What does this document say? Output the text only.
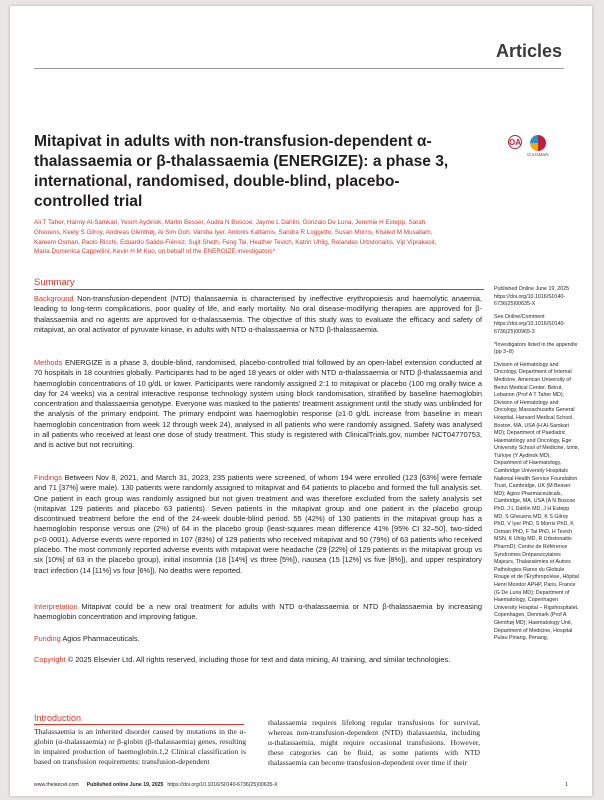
Articles
Mitapivat in adults with non-transfusion-dependent α-thalassaemia or β-thalassaemia (ENERGIZE): a phase 3, international, randomised, double-blind, placebo-controlled trial
OA
CrossMark

Ali T Taher, Hanny Al-Samkari, Yesim Aydinok, Martin Besser, Audra N Boscoe, Jayme L Dahlin, Gonzalo De Luna, Jeremie H Estepp, Sarah Gheuens, Keely S Gilroy, Andreas Glenthøj, Ai Sim Goh, Varsha Iyer, Antonis Kattamis, Sandra R Loggetto, Susan Morris, Khaled M Musallam, Kareem Osman, Paolo Ricchi, Eduardo Salido-Fiérrez, Sujit Sheth, Feng Tai, Heather Tevich, Katrin Uhlig, Rolandas Urbstonaitis, Vip Viprakasit, Maria Domenica Cappellini, Kevin H M Kuo, on behalf of the ENERGIZE investigators*

Summary

Background Non-transfusion-dependent (NTD) thalassaemia is characterised by ineffective erythropoiesis and haemolytic anaemia, leading to long-term complications, poor quality of life, and early mortality. No oral disease-modifying therapies are approved for β-thalassaemia and no agents are approved for α-thalassaemia. The objective of this study was to evaluate the efficacy and safety of mitapivat, an oral activator of pyruvate kinase, in adults with NTD α-thalassaemia or NTD β-thalassaemia.

Methods ENERGIZE is a phase 3, double-blind, randomised, placebo-controlled trial followed by an open-label extension conducted at 70 hospitals in 18 countries globally. Participants had to be aged 18 years or older with NTD α-thalassaemia or NTD β-thalassaemia and haemoglobin concentrations of 10 g/dL or lower. Participants were randomly assigned 2:1 to mitapivat or placebo (100 mg orally twice a day for 24 weeks) via a central interactive response technology system using block randomisation, stratified by baseline haemoglobin concentration and thalassaemia genotype. Everyone was masked to the patients' treatment assignment until the study was unblinded for the analysis of the primary endpoint. The primary endpoint was haemoglobin response (≥1·0 g/dL increase from baseline in mean haemoglobin concentration from week 12 through week 24), analysed in all patients who were randomly assigned. Safety was analysed in all patients who received at least one dose of study treatment. This study is registered with ClinicalTrials.gov, number NCT04770753, and is active but not recruiting.

Findings Between Nov 8, 2021, and March 31, 2023, 235 patients were screened, of whom 194 were enrolled (123 [63%] were female and 71 [37%] were male). 130 patients were randomly assigned to mitapivat and 64 patients to placebo and formed the full analysis set. One patient in each group was randomly assigned but not given treatment and was therefore excluded from the safety analysis set (mitapivat 129 patients and placebo 63 patients). Seven patients in the mitapivat group and one patient in the placebo group discontinued treatment before the end of the 24-week double-blind period. 55 (42%) of 130 patients in the mitapivat group has a haemoglobin response versus one (2%) of 64 in the placebo group (least-squares mean difference 41% [95% CI 32–50], two-sided p<0·0001). Adverse events were reported in 107 (83%) of 129 patients who received mitapivat and 50 (79%) of 63 patients who received placebo. The most commonly reported adverse events with mitapivat were headache (29 [22%] of 129 patients in the mitapivat group vs six [10%] of 63 in the placebo group), initial insomnia (18 [14%] vs three [5%]), nausea (15 [12%] vs five [8%]), and upper respiratory tract infection (14 [11%] vs four [6%]). No deaths were reported.

Interpretation Mitapivat could be a new oral treatment for adults with NTD α-thalassaemia or NTD β-thalassaemia by increasing haemoglobin concentration and improving fatigue.

Funding Agios Pharmaceuticals.

Copyright © 2025 Elsevier Ltd. All rights reserved, including those for text and data mining, AI training, and similar technologies.

Published Online June 19, 2025 https://doi.org/10.1016/S0140-6736(25)00635-X

See Online/Comment https://doi.org/10.1016/S0140-6736(25)00965-3

*Investigators listed in the appendix (pp 3–8)

Division of Hematology and Oncology, Department of Internal Medicine, American University of Beirut Medical Center, Beirut, Lebanon (Prof A T Taher MD); Division of Hematology and Oncology, Massachusetts General Hospital, Harvard Medical School, Boston, MA, USA (H Al-Samkari MD); Department of Paediatric Haematology and Oncology, Ege University School of Medicine, Izmir, Türkiye (Y Aydinok MD); Department of Haematology, Cambridge University Hospitals National Health Service Foundation Trust, Cambridge, UK (M Besser MD); Agios Pharmaceuticals, Cambridge, MA, USA (A N Boscoe PhD, J L Dahlin MD, J H Estepp MD, S Gheuens MD, K S Gilroy PhD, V Iyer PhD, S Morris PhD, K Osman PhD, F Tai PhD, H Tevich MSN, K Uhlig MD, R Urbstonaitis PharmD); Centre de Référence Syndromes Drépanocytaires Majeurs, Thalassémies et Autres Pathologies Rares du Globule Rouge et de l'Érythropoïèse, Hôpital Henri Mondor APHP, Paris, France (G De Luna MD); Department of Haematology, Copenhagen University Hospital – Rigshospitalet, Copenhagen, Denmark (Prof A Glenthøj MD); Haematology Unit, Department of Medicine, Hospital Pulau Pinang, Penang,

Introduction

Thalassaemia is an inherited disorder caused by mutations in the α-globin (α-thalassaemia) or β-globin (β-thalassaemia) genes, resulting in impaired production of haemoglobin.1,2 Clinical classification is based on transfusion requirements: transfusion-dependent

thalassaemia requires lifelong regular transfusions for survival, whereas non-transfusion-dependent (NTD) thalassaemia, including α-thalassaemia, might require occasional transfusions. However, these categories can be fluid, as some patients with NTD thalassaemia can become transfusion-dependent over time if their

www.thelancet.com Published online June 19, 2025 https://doi.org/10.1016/S0140-6736(25)00635-X	1
